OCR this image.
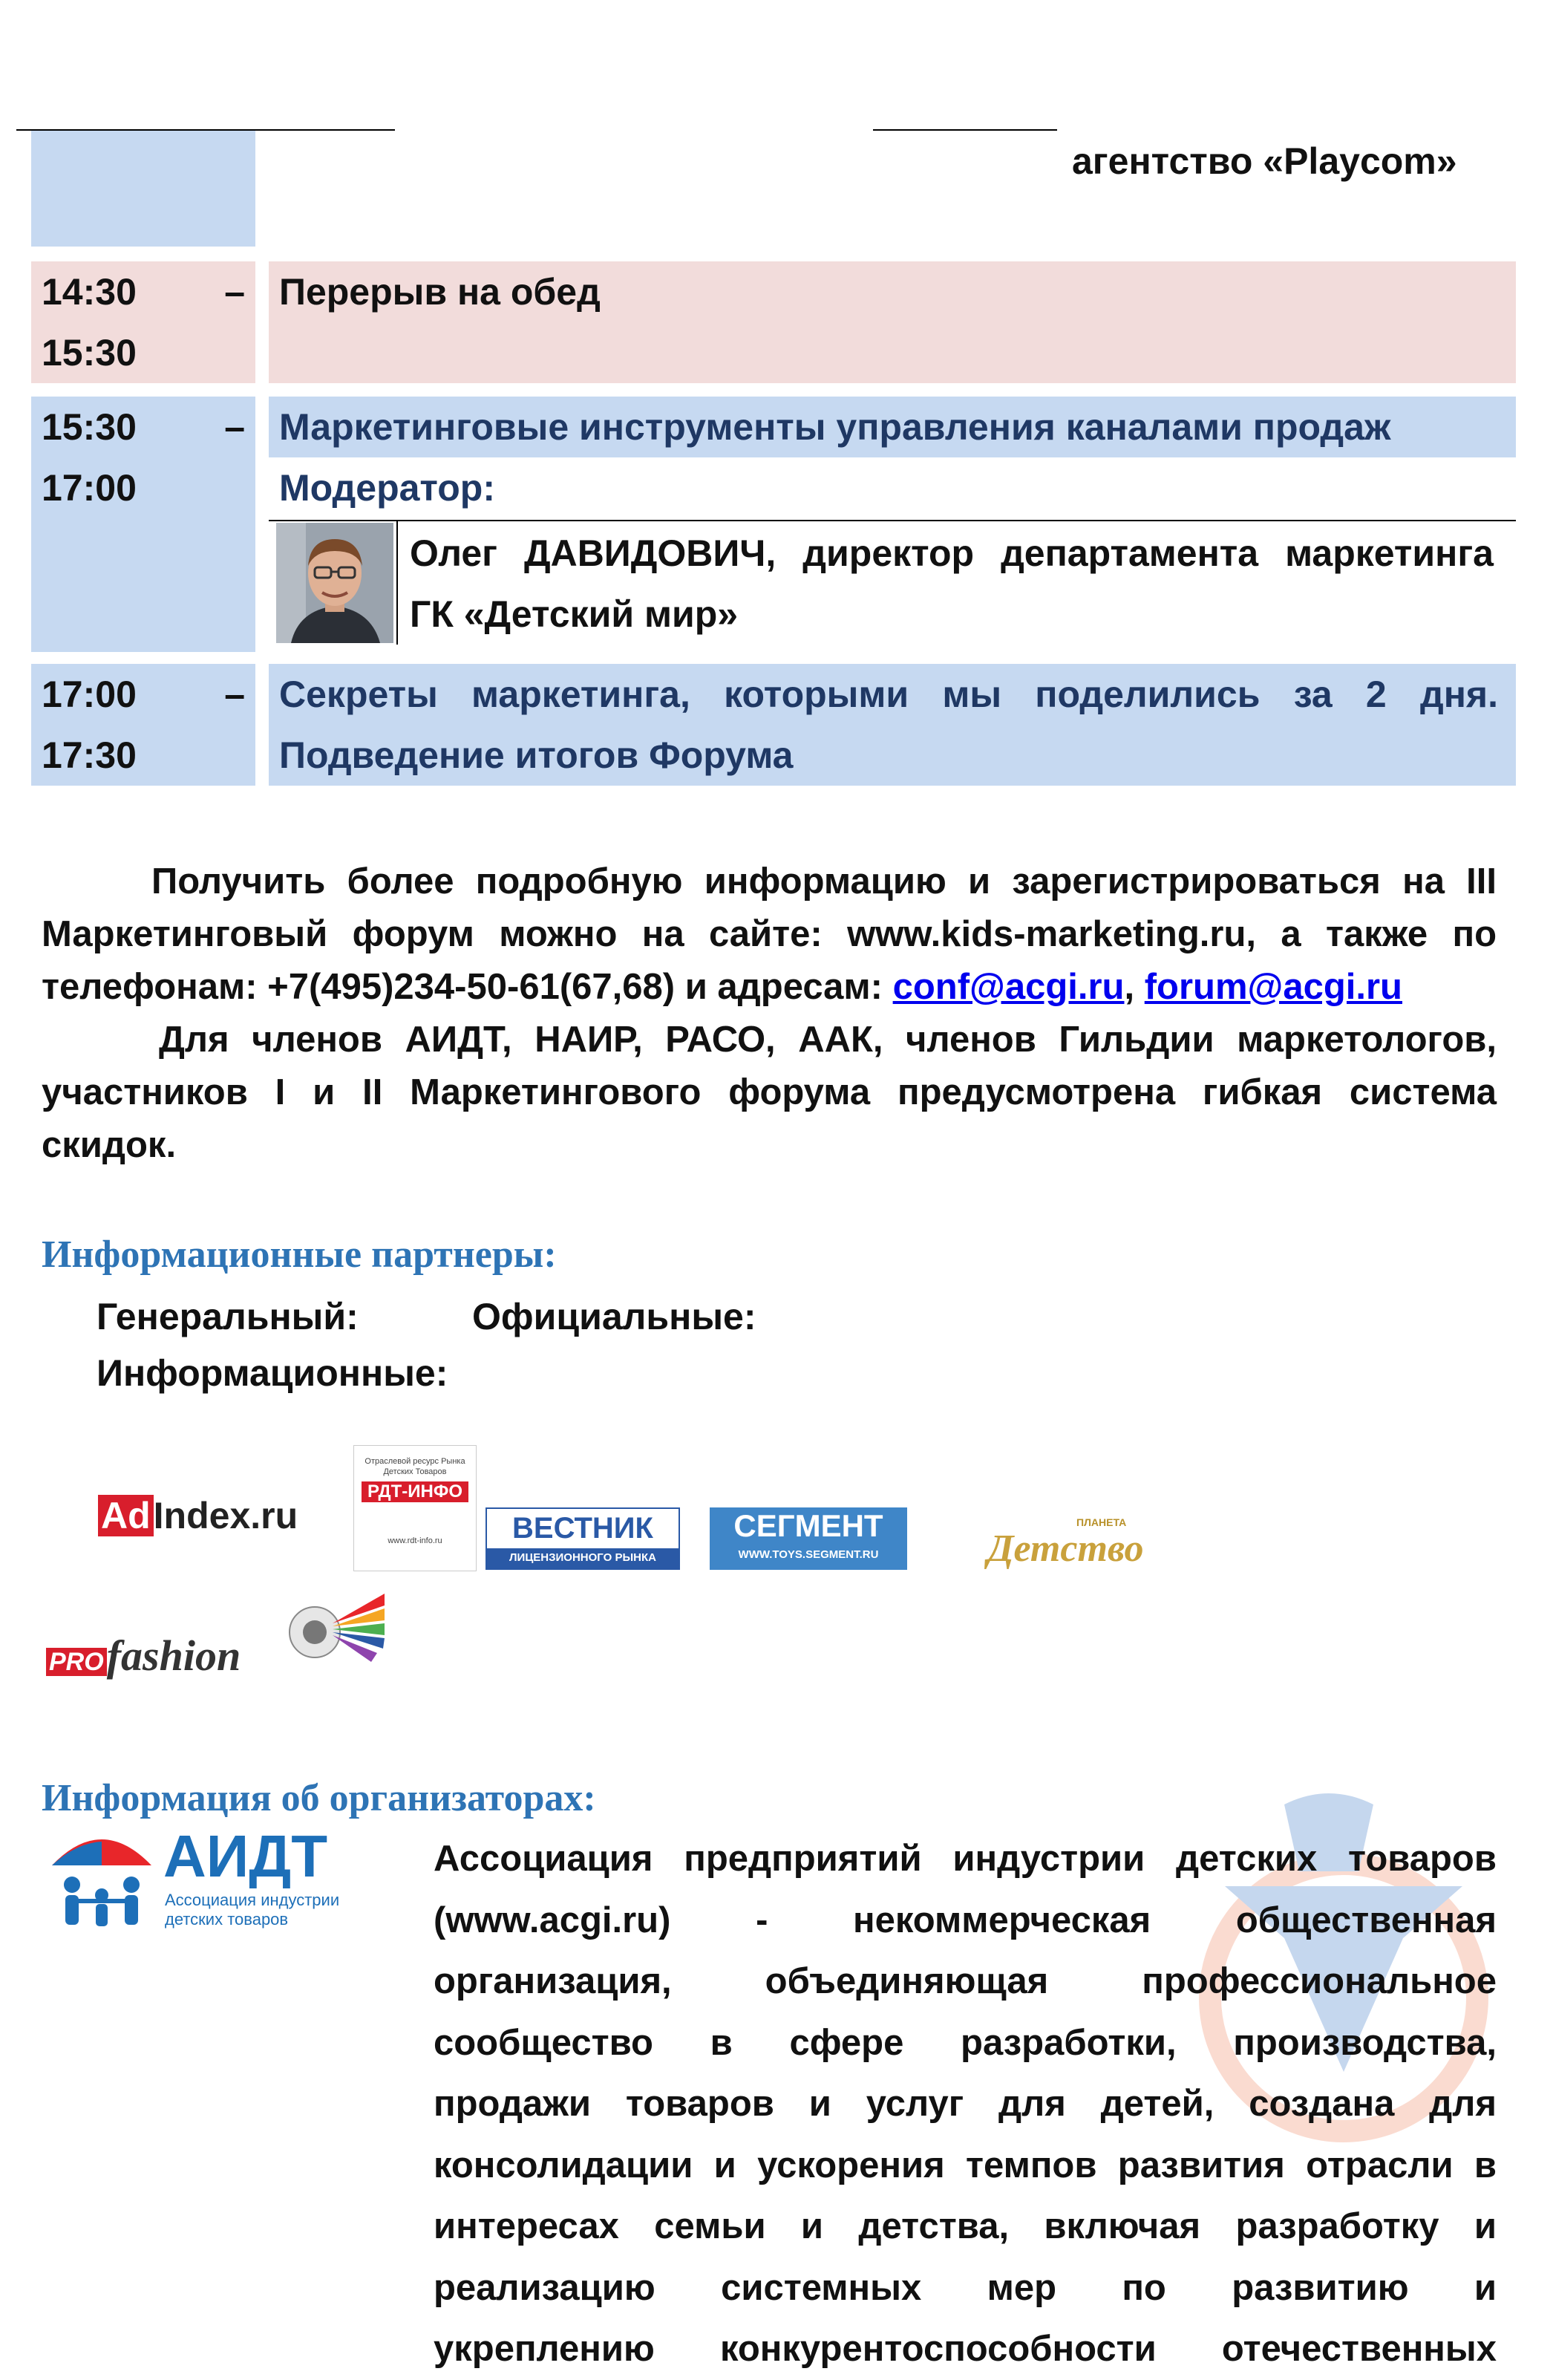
агентство «Playcom»
14:30
15:30
– Перерыв на обед
15:30
17:00
– Маркетинговые инструменты управления каналами продаж
Модератор:
Олег ДАВИДОВИЧ, директор департамента маркетинга
ГК «Детский мир»
17:00
17:30
– Секреты маркетинга, которыми мы поделились за 2 дня.
Подведение итогов Форума
Получить более подробную информацию и зарегистрироваться на III
Маркетинговый форум можно на сайте: www.kids-marketing.ru, а также по
телефонам: +7(495)234-50-61(67,68) и адресам: conf@acgi.ru, forum@acgi.ru
Для членов АИДТ, НАИР, РАСО, ААК, членов Гильдии маркетологов,
участников I и II Маркетингового форума предусмотрена гибкая система
скидок.
Информационные партнеры:
Генеральный:	Официальные:
Информационные:
AdIndex.ru
Отраслевой ресурс Рынка Детских Товаров
РДТ-ИНФО
www.rdt-info.ru	ВЕСТНИК
ЛИЦЕНЗИОННОГО РЫНКА
СЕГМЕНТ
WWW.TOYS.SEGMENT.RU
ПЛАНЕТА
Детство
PROfashion
Информация об организаторах:
АИДТ
Ассоциация индустрии
детских товаров
Ассоциация предприятий индустрии детских товаров
(www.acgi.ru) - некоммерческая общественная
организация, объединяющая профессиональное
сообщество в сфере разработки, производства,
продажи товаров и услуг для детей, создана для
консолидации и ускорения темпов развития отрасли в
интересах семьи и детства, включая разработку и
реализацию системных мер по развитию и
укреплению конкурентоспособности отечественных
